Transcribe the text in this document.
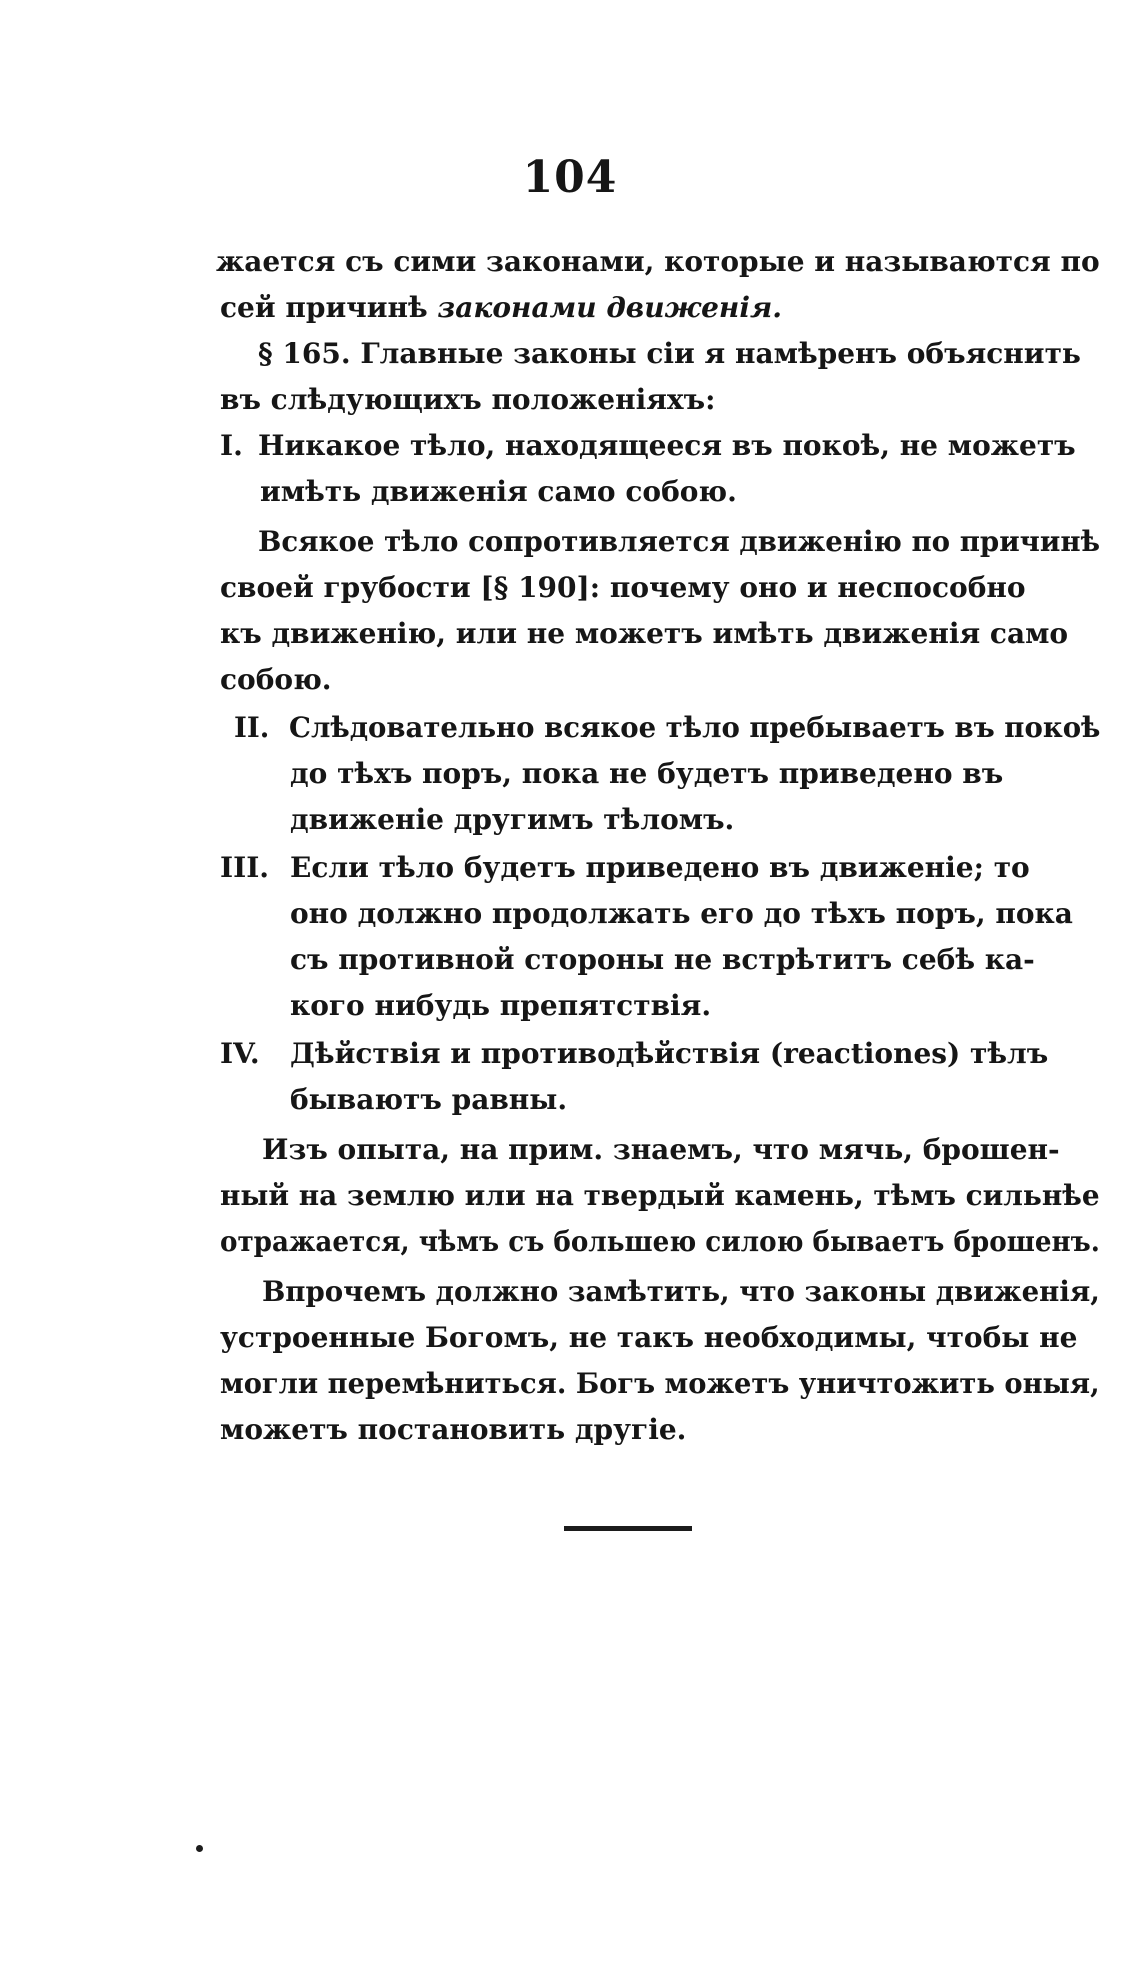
104
жается съ сими законами, которые и называются по
сей причинѣ законами движенія.
§ 165. Главные законы сіи я намѣренъ объяснить
въ слѣдующихъ положеніяхъ:
I. Никакое тѣло, находящееся въ покоѣ, не можетъ
имѣть движенія само собою.
Всякое тѣло сопротивляется движенію по причинѣ
своей грубости [§ 190]: почему оно и неспособно
къ движенію, или не можетъ имѣть движенія само
собою.
II. Слѣдовательно всякое тѣло пребываетъ въ покоѣ
до тѣхъ поръ, пока не будетъ приведено въ
движеніе другимъ тѣломъ.
III. Если тѣло будетъ приведено въ движеніе; то
оно должно продолжать его до тѣхъ поръ, пока
съ противной стороны не встрѣтитъ себѣ ка-
кого нибудь препятствія.
IV. Дѣйствія и противодѣйствія (reactiones) тѣлъ
бываютъ равны.
Изъ опыта, на прим. знаемъ, что мячь, брошен-
ный на землю или на твердый камень, тѣмъ сильнѣе
отражается, чѣмъ съ большею силою бываетъ брошенъ.
Впрочемъ должно замѣтить, что законы движенія,
устроенные Богомъ, не такъ необходимы, чтобы не
могли перемѣниться. Богъ можетъ уничтожить оныя,
можетъ постановить другіе.
